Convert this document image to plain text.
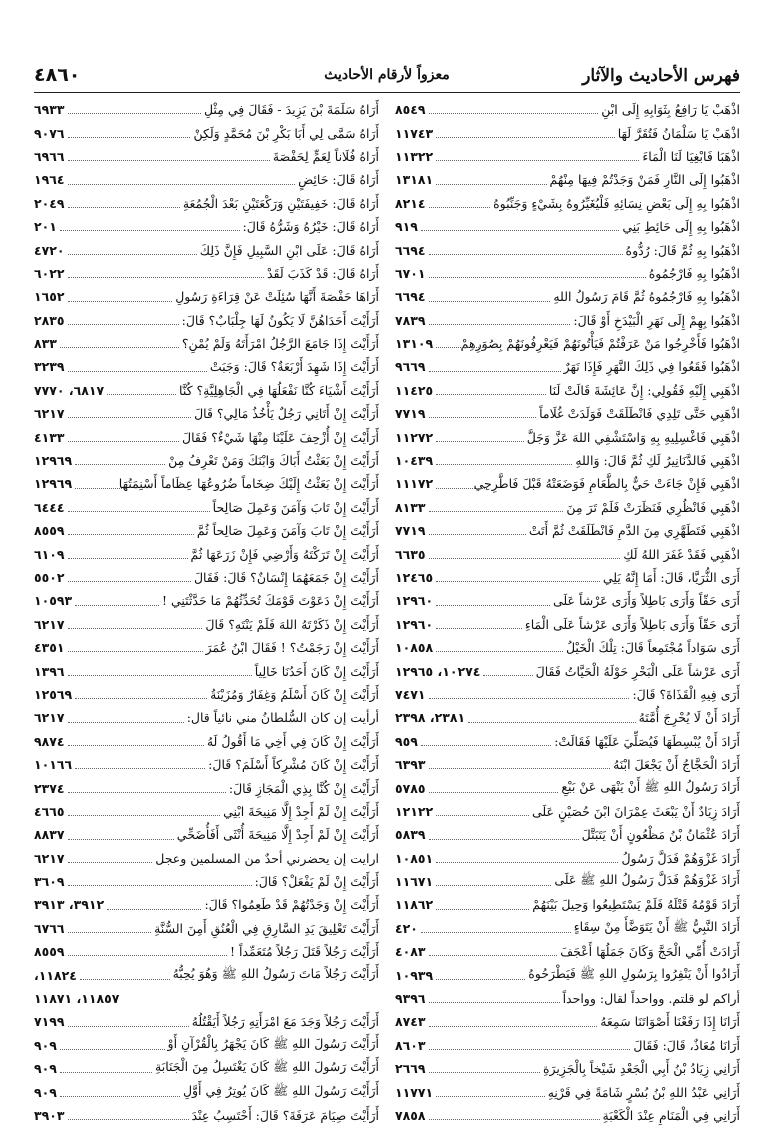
فهرس الأحاديث والآثار
معزواً لأرقام الأحاديث
٤٨٦٠
اذْهَبْ يَا رَافِعُ بِثَوَابِهِ إِلَى ابْنِ
٨٥٤٩
اذْهَبْ يَا سَلْمَانُ فَتُقَرَّ لَهَا
١١٧٤٣
اذْهَبَا فَابْغِيَا لَنَا الْمَاءَ
١١٣٢٢
اذْهَبُوا إِلَى النَّارِ فَمَنْ وَجَدْتُمْ فِيهَا مِنْهُمْ
١٣١٨١
اذْهَبُوا بِهِ إِلَى بَعْضِ نِسَائِهِ فَلْيُغَيِّرُوهُ بِشَيْءٍ وَجَنِّبُوهُ
٨٢١٤
اذْهَبُوا بِهِ إِلَى حَائِطِ بَنِي
٩١٩
اذْهَبُوا بِهِ ثُمَّ قَالَ: رُدُّوهُ
٦٦٩٤
اذْهَبُوا بِهِ فَارْجُمُوهُ
٦٧٠١
اذْهَبُوا بِهِ فَارْجُمُوهُ ثُمَّ قَامَ رَسُولُ اللهِ
٦٦٩٤
اذْهَبُوا بِهِمْ إِلَى نَهَرِ الْبَيْدَخِ أَوْ قَالَ:
٧٨٣٩
اذْهَبُوا فَأَخْرِجُوا مَنْ عَرَفْتُمْ فَيَأْتُونَهُمْ فَيَعْرِفُونَهُمْ بِصُوَرِهِمْ
١٣١٠٩
اذْهَبُوا فَقَعُوا فِي ذَلِكَ النَّهَرِ فَإِذَا نَهَرٌ
٩٦٦٩
اذْهَبِي إِلَيْهِ فَقُولِي: إِنَّ عَائِشَةَ قَالَتْ لَنَا
١١٤٢٥
اذْهَبِي حَتَّى تَلِدِي فَانْطَلَقَتْ فَوَلَدَتْ غُلَاماً
٧٧١٩
اذْهَبِي فَاغْسِلِيهِ بِهِ وَاسْتَشْفِي اللهَ عَزَّ وَجَلَّ
١١٢٧٢
اذْهَبِي فَالدَّنَانِيرُ لَكِ ثُمَّ قَالَ: وَاللهِ
١٠٤٣٩
اذْهَبِي فَإِنْ جَاءَتْ حَيٌّ بِالطَّعَامِ فَوَضَعَتْهُ قَبْلَ فَاطَّرِحِي
١١١٧٢
اذْهَبِي فَانْظُرِي فَنَظَرَتْ فَلَمْ تَرَ مِنَ
٨١٣٣
اذْهَبِي فَتَطَهَّرِي مِنَ الدَّمِ فَانْطَلَقَتْ ثُمَّ أَتَتْ
٧٧١٩
اذْهَبِي فَقَدْ غَفَرَ اللهُ لَكِ
٦٦٣٥
أَرَى الثُّرَيَّا، قَالَ: أَمَا إِنَّهُ يَلِي
١٢٤٦٥
أَرَى حَقّاً وَأَرَى بَاطِلاً وَأَرَى عَرْشاً عَلَى
١٢٩٦٠
أَرَى حَقّاً وَأَرَى بَاطِلاً وَأَرَى عَرْشاً عَلَى الْمَاءِ
١٢٩٦٠
أَرَى سَوَاداً مُجْتَمِعاً قَالَ: تِلْكَ الْخَيْلُ
١٠٨٥٨
أَرَى عَرْشاً عَلَى الْبَحْرِ حَوْلَهُ الْحَيَّاتُ فَقَالَ
١٠٢٧٤، ١٢٩٦٥
أَرَى فِيهِ الْقَذَاةَ؟ قَالَ:
٧٤٧١
أَرَادَ أَنْ لَا يُحْرِجَ أُمَّتَهُ
٢٣٨١، ٢٣٩٨
أَرَادَ أَنْ يُبْسِطَهَا فَيُصَلِّيَ عَلَيْهَا فَقَالَتْ:
٩٥٩
أَرَادَ الْحَجَّاجُ أَنْ يَجْعَلَ ابْنَهُ
٦٣٩٣
أَرَادَ رَسُولُ اللهِ ﷺ أَنْ يَنْهَى عَنْ بَيْعِ
٥٧٨٥
أَرَادَ زِيَادٌ أَنْ يَبْعَثَ عِمْرَانَ ابْنَ حُصَيْنٍ عَلَى
١٢١٢٢
أَرَادَ عُثْمَانُ بْنُ مَظْعُونٍ أَنْ يَتَبَتَّلَ
٥٨٣٩
أَرَادَ غَزْوَهُمْ فَدَلَّ رَسُولُ
١٠٨٥١
أَرَادَ غَزْوَهُمْ فَدَلَّ رَسُولُ اللهِ ﷺ عَلَى
١١٦٧١
أَرَادَ قَوْمُهُ قَتْلَهُ فَلَمْ يَسْتَطِيعُوا وَحِيلَ بَيْنَهُمْ
١١٨٦٢
أَرَادَ النَّبِيُّ ﷺ أَنْ يَتَوَضَّأَ مِنْ سِقَاءٍ
٤٢٠
أَرَادَتْ أُمِّي الْحَجَّ وَكَانَ جَمَلُهَا أَعْجَفَ
٤٠٨٣
أَرَادُوا أَنْ يَنْفِرُوا بِرَسُولِ اللهِ ﷺ فَيَطْرَحُوهُ
١٠٩٣٩
أراكم لو قلتم. وواحداً لقال: وواحداً
٩٣٩٦
أَرَانَا إِذَا رَفَعْنَا أَصْوَاتَنَا سَمِعَهُ
٨٧٤٣
أَرَانَا مُعَاذٌ، قَالَ: فَقَالَ
٨٦٠٣
أَرَانِي زِيَادُ بْنُ أَبِي الْجَعْدِ شَيْخاً بِالْجَزِيرَةِ
٢٦٦٩
أَرَانِي عَبْدُ اللهِ بْنُ بُسْرٍ شَامَةً فِي قَرْنِهِ
١١٧٧١
أَرَانِي فِي الْمَنَامِ عِنْدَ الْكَعْبَةِ
٧٨٥٨
أَرَاهُ سَلَمَةَ بْنَ يَزِيدَ - فَقَالَ فِي مِثْلِ
٦٩٣٣
أَرَاهُ سَمَّى لِي أَبَا بَكْرِ بْنَ مُحَمَّدٍ وَلَكِنْ
٩٠٧٦
أَرَاهُ فُلَاناً لِعَمٍّ لِحَفْصَةَ
٦٩٦٦
أَرَاهُ قَالَ: حَائِضٍ
١٩٦٤
أَرَاهُ قَالَ: خَفِيفَتَيْنِ وَرَكْعَتَيْنِ بَعْدَ الْجُمُعَةِ
٢٠٤٩
أَرَاهُ قَالَ: خَيْرُهُ وَشَرُّهُ قَالَ:
٢٠١
أَرَاهُ قَالَ: عَلَى ابْنِ السَّبِيلِ فَإِنَّ ذَلِكَ
٤٧٢٠
أَرَاهُ قَالَ: قَدْ كَذَبَ لَقَدْ
٦٠٢٢
أَرَاهَا حَفْصَةَ أَنَّهَا سُئِلَتْ عَنْ قِرَاءَةِ رَسُولِ
١٦٥٢
أَرَأَيْتَ أَحَدَاهُنَّ لَا يَكُونُ لَهَا جِلْبَابٌ؟ قَالَ:
٢٨٣٥
أَرَأَيْتَ إِذَا جَامَعَ الرَّجُلُ امْرَأَتَهُ وَلَمْ يُمْنِ؟
٨٣٣
أَرَأَيْتَ إِذَا شَهِدَ أَرْبَعَةٌ؟ قَالَ: وَجَبَتْ
٣٢٣٩
أَرَأَيْتَ أَشْيَاءَ كُنَّا نَفْعَلُهَا فِي الْجَاهِلِيَّةِ؟ كُنَّا
٦٨١٧، ٧٧٧٠
أَرَأَيْتَ إِنْ أَتَانِي رَجُلٌ يَأْخُذُ مَالِي؟ قَالَ
٦٢١٧
أَرَأَيْتَ إِنْ أُزْحِفَ عَلَيْنَا مِنْهَا شَيْءٌ؟ فَقَالَ
٤١٣٣
أَرَأَيْتَ إِنْ بَعَثْتُ أَبَاكَ وَابْنَكَ وَمَنْ تَعْرِفُ مِنْ
١٢٩٦٩
أَرَأَيْتَ إِنْ بَعَثْتُ إِلَيْكَ ضِخَاماً ضُرُوعُهَا عِظَاماً أَسْنِمَتُهَا
١٢٩٦٩
أَرَأَيْتَ إِنْ تَابَ وَآمَنَ وَعَمِلَ صَالِحاً
٦٤٤٤
أَرَأَيْتَ إِنْ تَابَ وَآمَنَ وَعَمِلَ صَالِحاً ثُمَّ
٨٥٥٩
أَرَأَيْتَ إِنْ تَرَكْتَهُ وَأَرْضِي فَإِنْ زَرَعَهَا ثُمَّ
٦١٠٩
أَرَأَيْتَ إِنْ جَمَعَهُمَا إِنْسَانٌ؟ قَالَ: فَقَالَ
٥٥٠٢
أَرَأَيْتَ إِنْ دَعَوْتَ قَوْمَكَ تُحَدِّثُهُمْ مَا حَدَّثْتَنِي !
١٠٥٩٣
أَرَأَيْتَ إِنْ ذَكَرْتَهُ اللهَ فَلَمْ يَنْتَهِ؟ قَالَ
٦٢١٧
أَرَأَيْتَ إِنْ رَجَمْتُ؟ ! فَقَالَ ابْنُ عُمَرَ
٤٣٥١
أَرَأَيْتَ إِنْ كَانَ أَحَدُنَا خَالِياً
١٣٩٦
أَرَأَيْتَ إِنْ كَانَ أَسْلَمُ وَغِفَارُ وَمُزَيْنَةُ
١٢٥٦٩
أرأيت إن كان السُّلطانُ مني نائياً قال:
٦٢١٧
أَرَأَيْتَ إِنْ كَانَ فِي أَخِي مَا أَقُولُ لَهُ
٩٨٧٤
أَرَأَيْتَ إِنْ كَانَ مُشْرِكاً أَسْلَمَ؟ قَالَ:
١٠١٦٦
أَرَأَيْتَ إِنْ كُنَّا بِذِي الْمَجَازِ قَالَ:
٢٣٧٤
أَرَأَيْتَ إِنْ لَمْ أَجِدْ إِلَّا مَنِيحَةَ ابْنِي
٤٦٦٥
أَرَأَيْتَ إِنْ لَمْ أَجِدْ إِلَّا مَنِيحَةَ أُنْثَى أَفَأُضَحِّي
٨٨٣٧
ارايت إن يحضرني أحدٌ من المسلمين وعجل
٦٢١٧
أَرَأَيْتَ إِنْ لَمْ يَفْعَلْ؟ قَالَ:
٣٦٠٩
أَرَأَيْتَ إِنْ وَجَدْتُهُمْ قَدْ طَعِمُوا؟ قَالَ:
٣٩١٢، ٣٩١٣
أَرَأَيْتَ تَعْلِيقَ يَدِ السَّارِقِ فِي الْعُنُقِ أَمِنَ السُّنَّةِ
٦٧٦٦
أَرَأَيْتَ رَجُلاً قَتَلَ رَجُلاً مُتَعَمِّداً !
٨٥٥٩
أَرَأَيْتَ رَجُلاً مَاتَ رَسُولُ اللهِ ﷺ وَهُوَ يُحِبُّهُ
١١٨٢٤،
١١٨٥٧، ١١٨٧١
أَرَأَيْتَ رَجُلاً وَجَدَ مَعَ امْرَأَتِهِ رَجُلاً أَيَقْتُلُهُ
٧١٩٩
أَرَأَيْتَ رَسُولَ اللهِ ﷺ كَانَ يَجْهَرُ بِالْقُرْآنِ أَوْ
٩٠٩
أَرَأَيْتَ رَسُولَ اللهِ ﷺ كَانَ يَغْتَسِلُ مِنَ الْجَنَابَةِ
٩٠٩
أَرَأَيْتَ رَسُولَ اللهِ ﷺ كَانَ يُوتِرُ فِي أَوَّلِ
٩٠٩
أَرَأَيْتَ صِيَامَ عَرَفَةَ؟ قَالَ: أَحْتَسِبُ عِنْدَ
٣٩٠٣
